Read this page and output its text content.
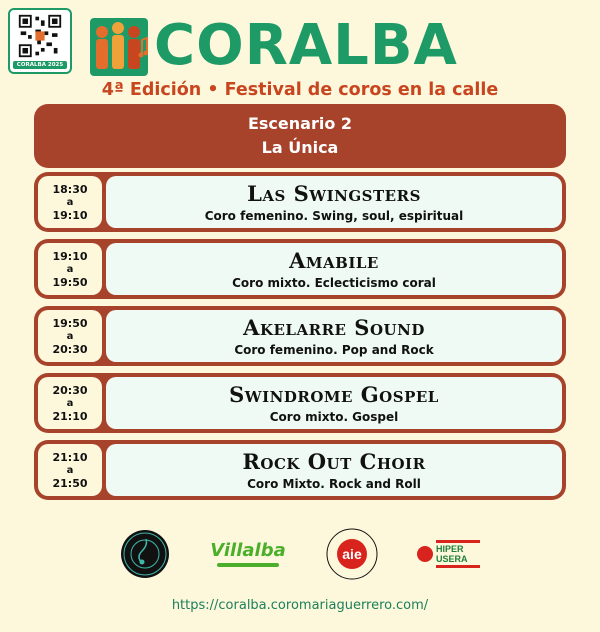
CORALBA 2025 CORALBA
4ª Edición • Festival de coros en la calle
Escenario 2
La Única
18:30
a
19:10
Las Swingsters
Coro femenino. Swing, soul, espiritual
19:10
a
19:50
Amabile
Coro mixto. Eclecticismo coral
19:50
a
20:30
Akelarre Sound
Coro femenino. Pop and Rock
20:30
a
21:10
Swindrome Gospel
Coro mixto. Gospel
21:10
a
21:50
Rock Out Choir
Coro Mixto. Rock and Roll
Villalba	aie	HIPER USERA
https://coralba.coromariaguerrero.com/
